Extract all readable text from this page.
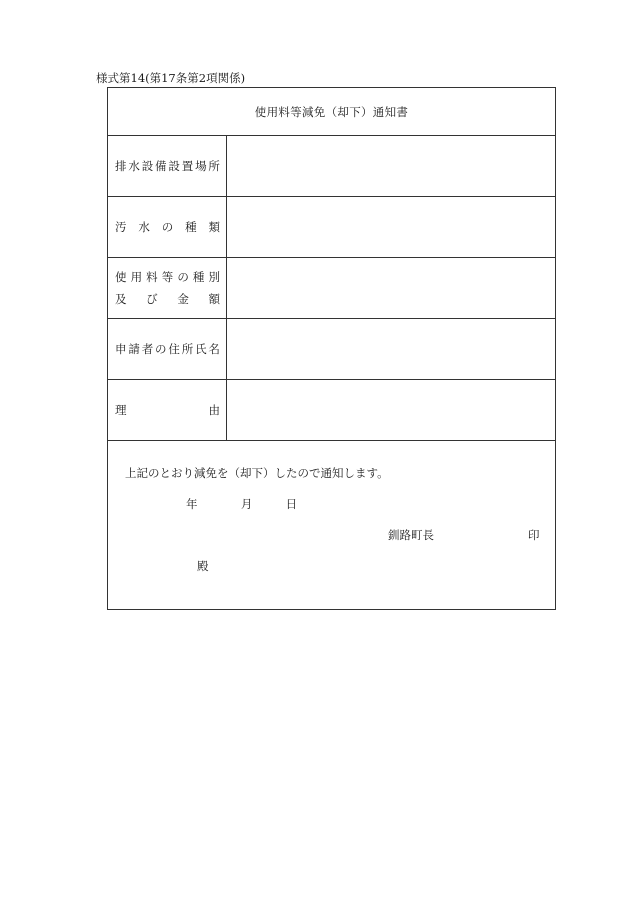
様式第14(第17条第2項関係)
使用料等減免（却下）通知書
排 水 設 備 設 置 場 所
汚 水 の 種 類
使 用 料 等 の 種 別
及 び 金 額
申 請 者 の 住 所 氏 名
理	由
上記のとおり減免を（却下）したので通知します。
年	月	日
釧路町長	印
殿
